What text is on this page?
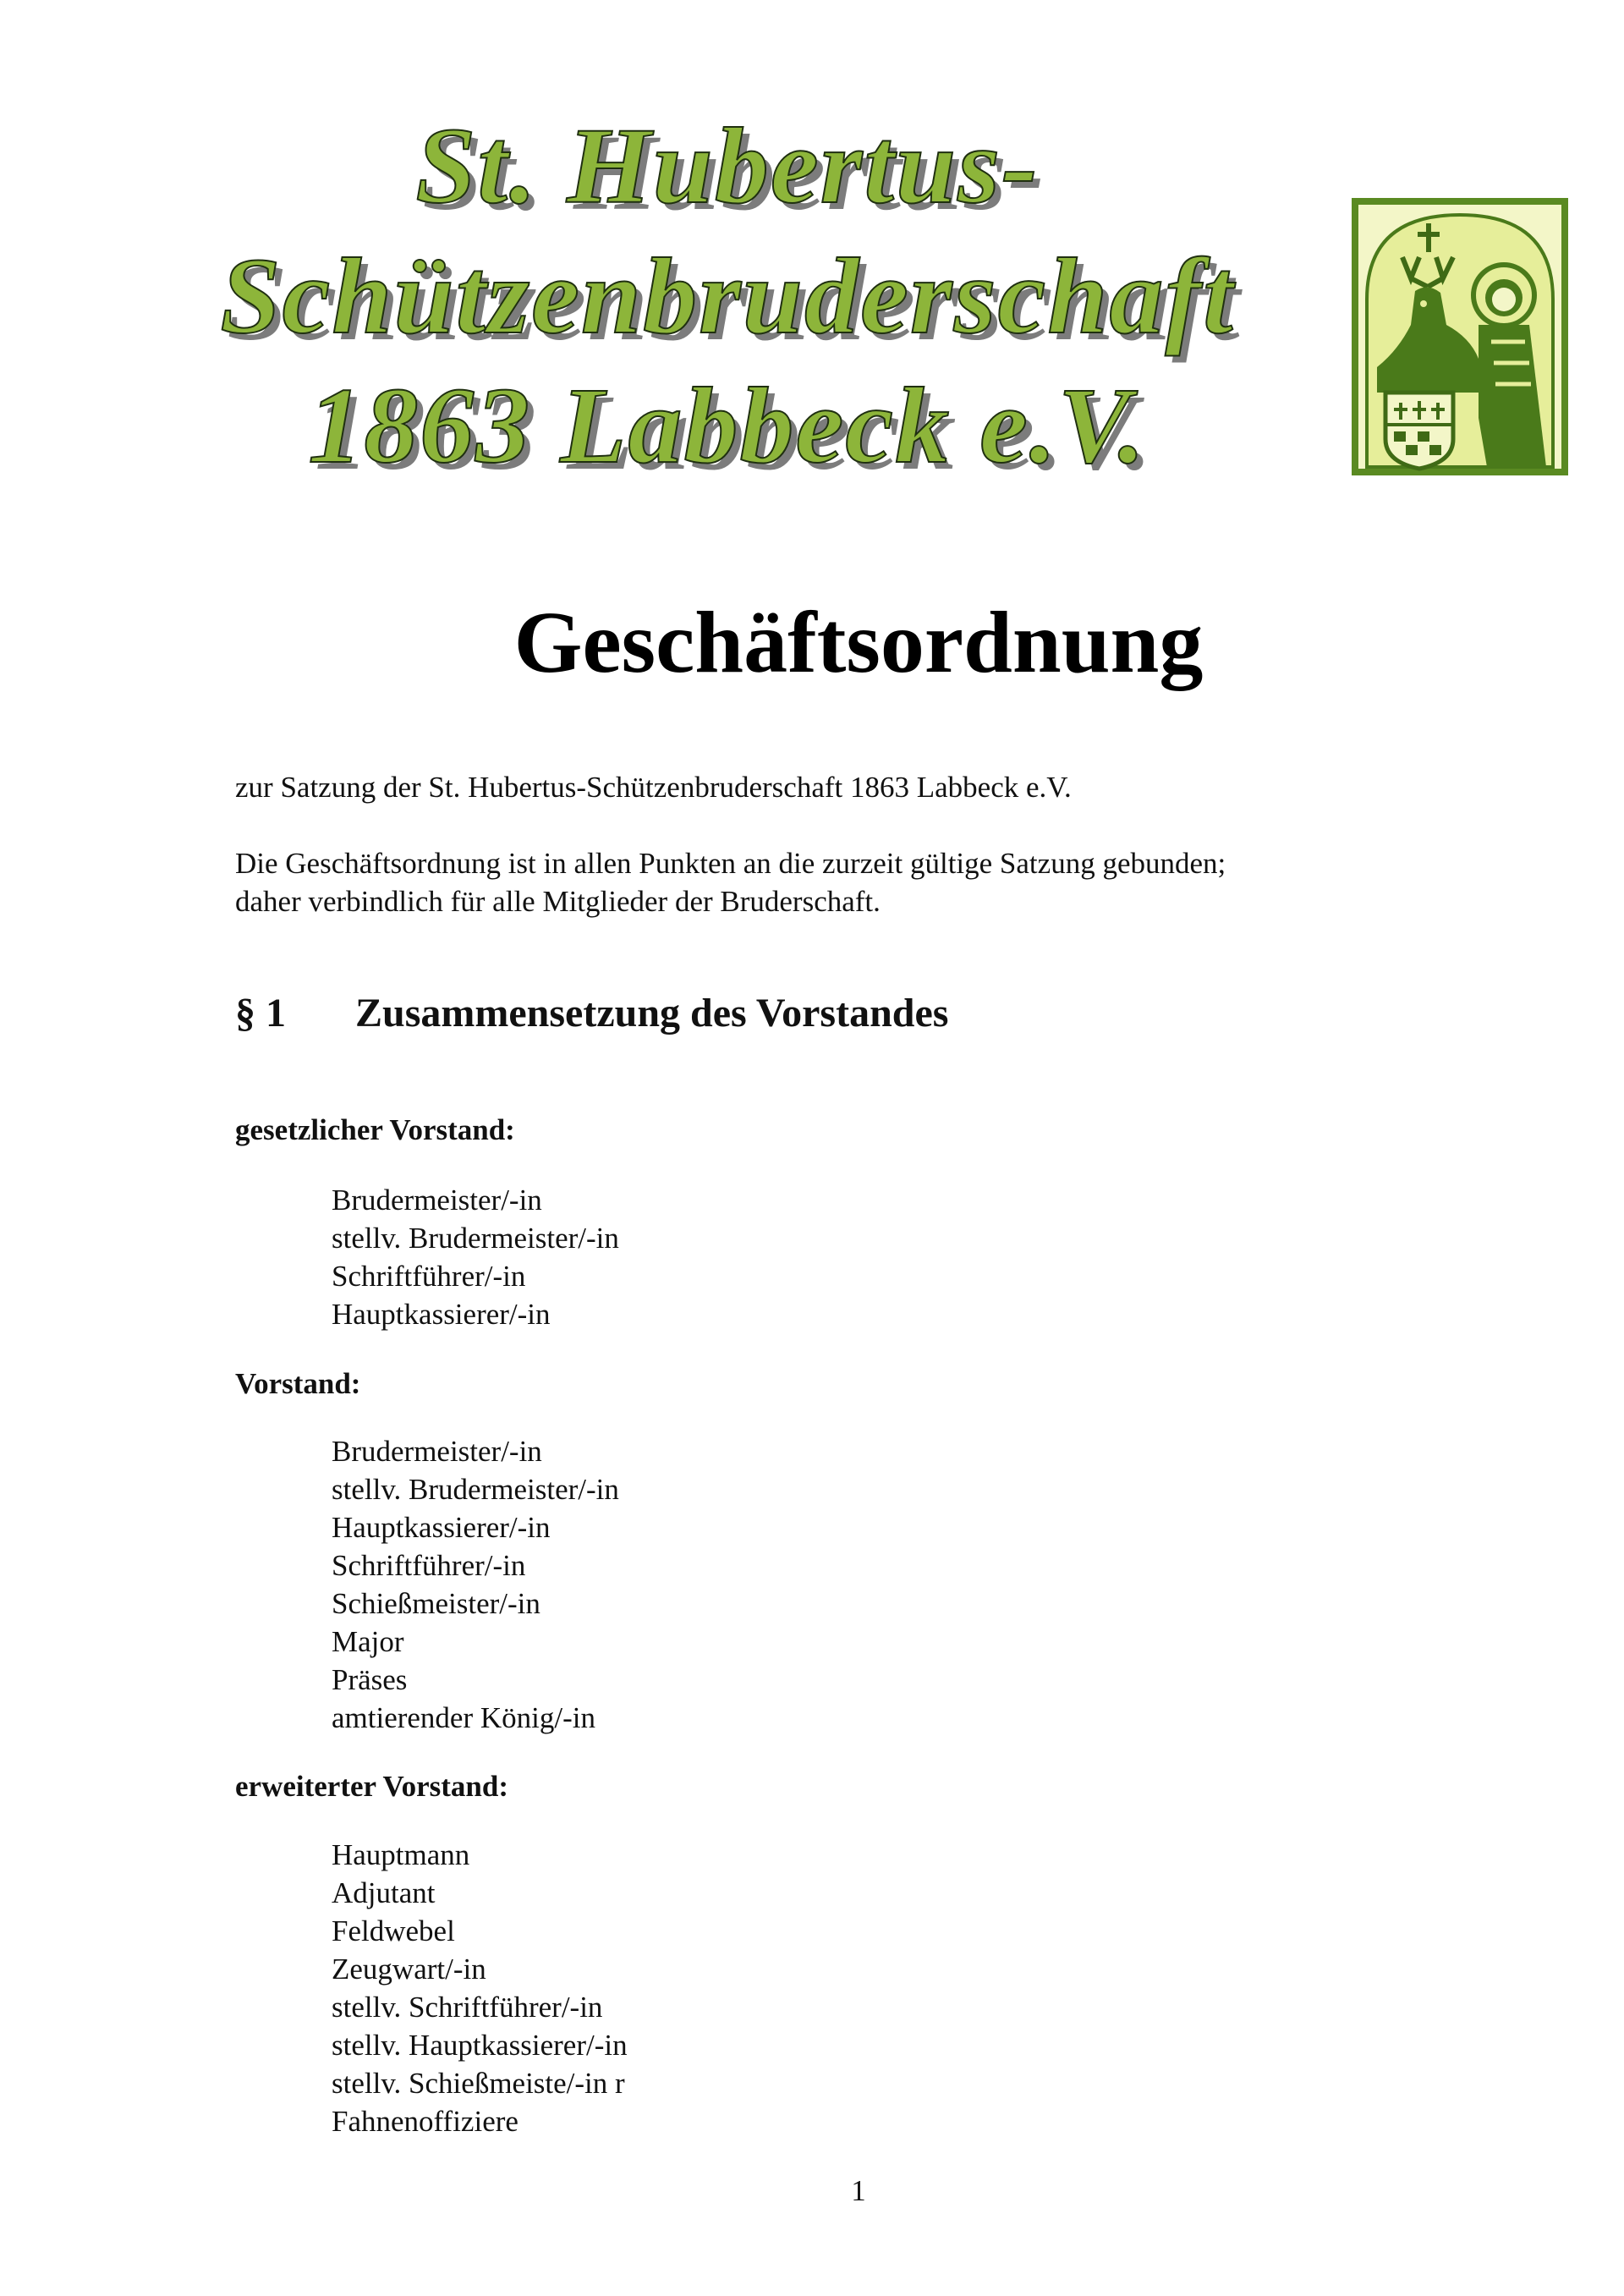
St. Hubertus-
Schützenbruderschaft
1863 Labbeck e.V.
Geschäftsordnung
zur Satzung der St. Hubertus-Schützenbruderschaft 1863 Labbeck e.V.
Die Geschäftsordnung ist in allen Punkten an die zurzeit gültige Satzung gebunden;
daher verbindlich für alle Mitglieder der Bruderschaft.
§ 1 Zusammensetzung des Vorstandes
gesetzlicher Vorstand:
Brudermeister/-in
stellv. Brudermeister/-in
Schriftführer/-in
Hauptkassierer/-in
Vorstand:
Brudermeister/-in
stellv. Brudermeister/-in
Hauptkassierer/-in
Schriftführer/-in
Schießmeister/-in
Major
Präses
amtierender König/-in
erweiterter Vorstand:
Hauptmann
Adjutant
Feldwebel
Zeugwart/-in
stellv. Schriftführer/-in
stellv. Hauptkassierer/-in
stellv. Schießmeiste/-in r
Fahnenoffiziere
1
